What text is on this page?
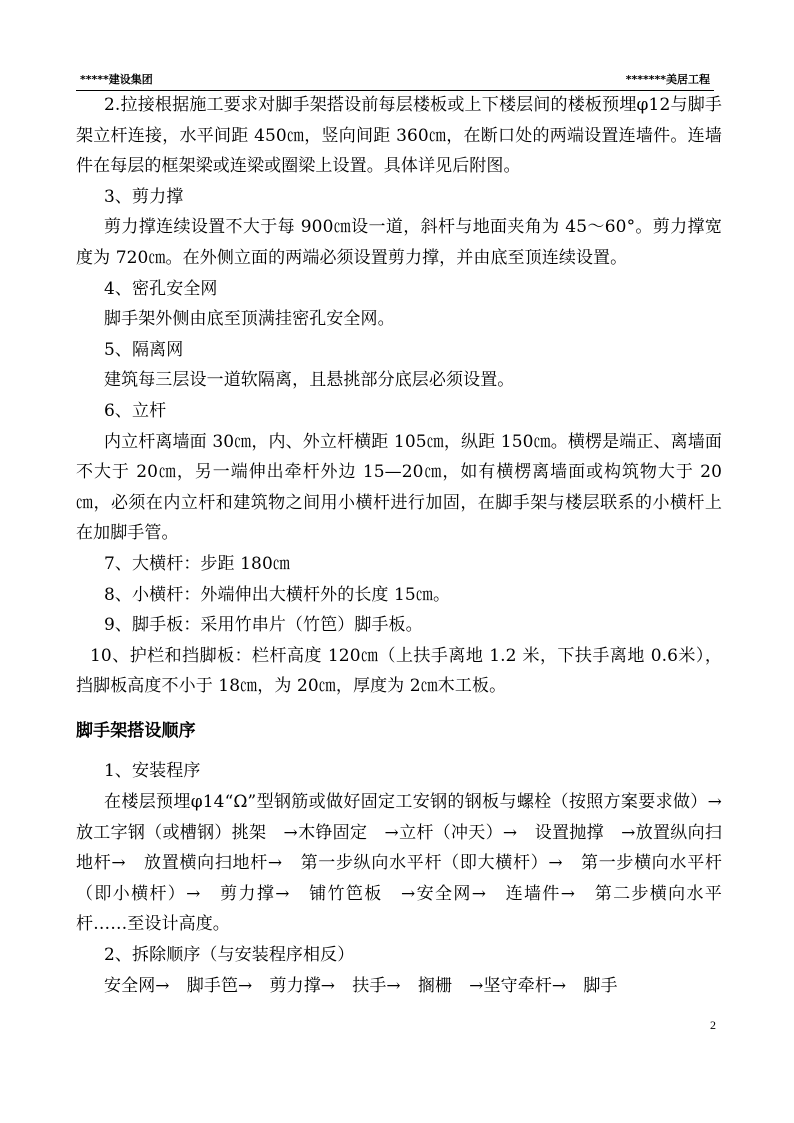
*****建设集团	*******美居工程

2.拉接根据施工要求对脚手架搭设前每层楼板或上下楼层间的楼板预埋φ12与脚手架立杆连接，水平间距 450㎝，竖向间距 360㎝，在断口处的两端设置连墙件。连墙件在每层的框架梁或连梁或圈梁上设置。具体详见后附图。

3、剪力撑

剪力撑连续设置不大于每 900㎝设一道，斜杆与地面夹角为 45～60°。剪力撑宽度为 720㎝。在外侧立面的两端必须设置剪力撑，并由底至顶连续设置。

4、密孔安全网

脚手架外侧由底至顶满挂密孔安全网。

5、隔离网

建筑每三层设一道软隔离，且悬挑部分底层必须设置。

6、立杆

内立杆离墙面 30㎝，内、外立杆横距 105㎝，纵距 150㎝。横楞是端正、离墙面不大于 20㎝，另一端伸出牵杆外边 15—20㎝，如有横楞离墙面或构筑物大于 20㎝，必须在内立杆和建筑物之间用小横杆进行加固，在脚手架与楼层联系的小横杆上在加脚手管。

7、大横杆：步距 180㎝

8、小横杆：外端伸出大横杆外的长度 15㎝。

9、脚手板：采用竹串片（竹笆）脚手板。

10、护栏和挡脚板：栏杆高度 120㎝（上扶手离地 1.2 米，下扶手离地 0.6米），挡脚板高度不小于 18㎝，为 20㎝，厚度为 2㎝木工板。

脚手架搭设顺序

1、安装程序

在楼层预埋φ14“Ω”型钢筋或做好固定工安钢的钢板与螺栓（按照方案要求做）→　放工字钢（或槽钢）挑架　→木铮固定　→立杆（冲天）→　设置抛撑　→放置纵向扫地杆→　放置横向扫地杆→　第一步纵向水平杆（即大横杆）→　第一步横向水平杆（即小横杆）→　剪力撑→　铺竹笆板　→安全网→　连墙件→　第二步横向水平杆……至设计高度。

2、拆除顺序（与安装程序相反）

安全网→　脚手笆→　剪力撑→　扶手→　搁栅　→坚守牵杆→　脚手

2
